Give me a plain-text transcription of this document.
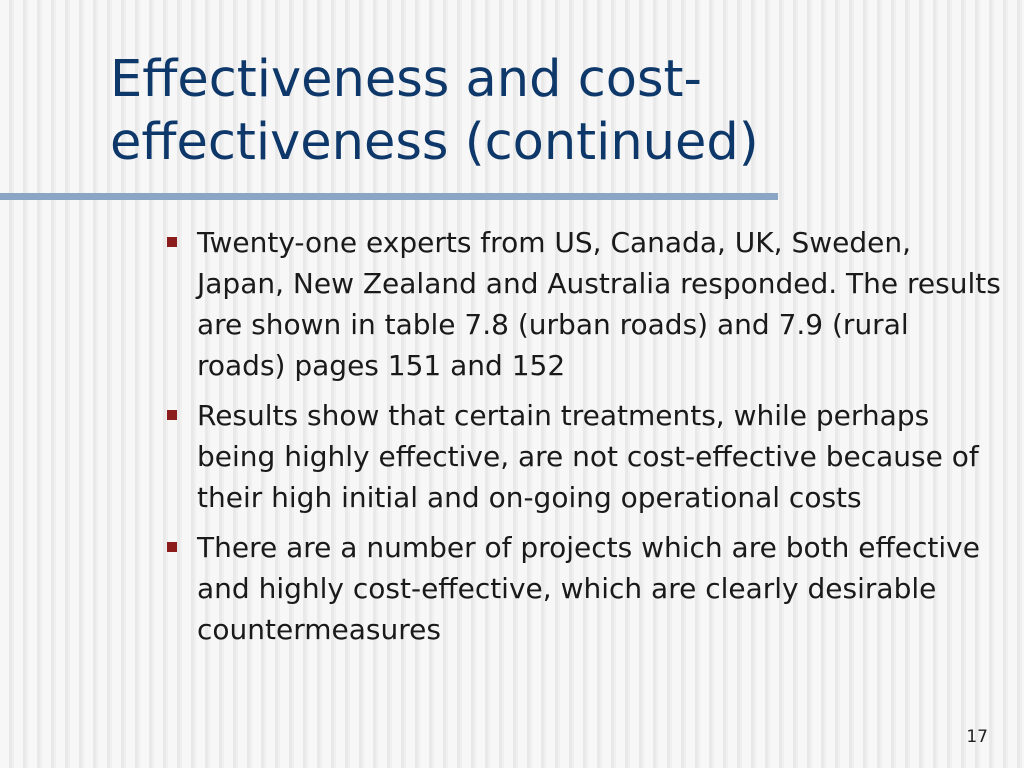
Effectiveness and cost-effectiveness (continued)
Twenty-one experts from US, Canada, UK, Sweden, Japan, New Zealand and Australia responded. The results are shown in table 7.8 (urban roads) and 7.9 (rural roads) pages 151 and 152
Results show that certain treatments, while perhaps being highly effective, are not cost-effective because of their high initial and on-going operational costs
There are a number of projects which are both effective and highly cost-effective, which are clearly desirable countermeasures
17
